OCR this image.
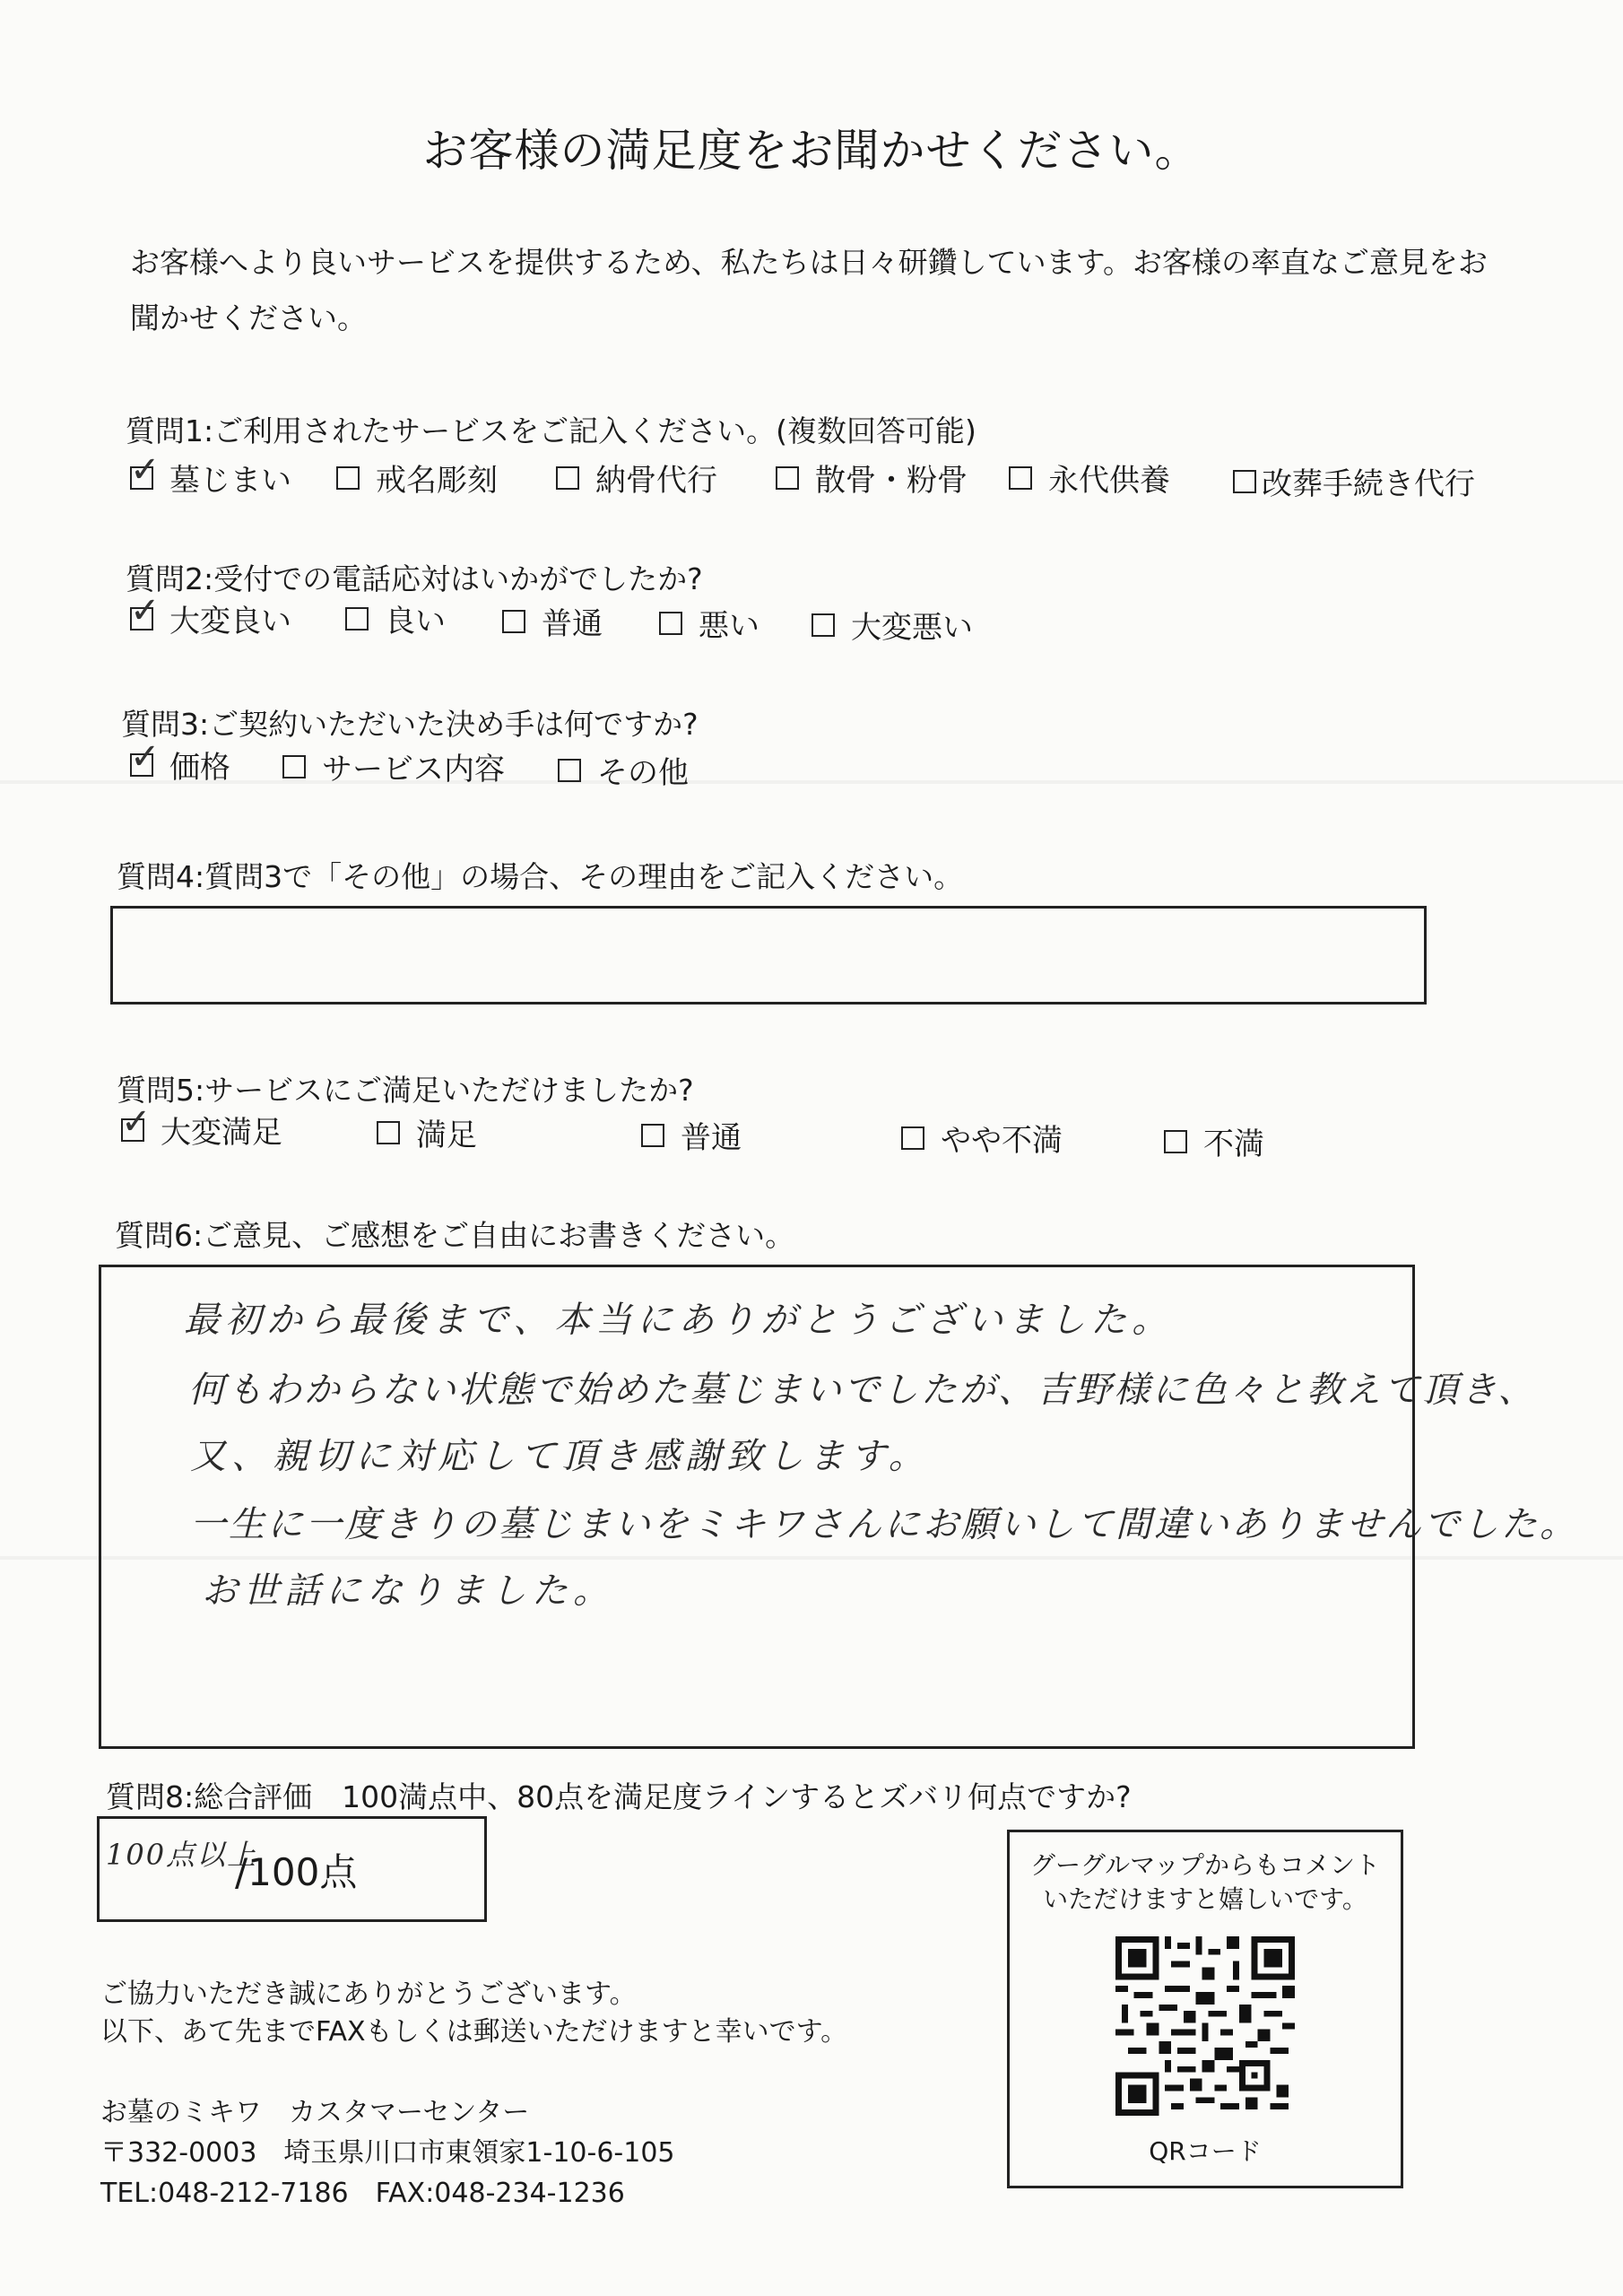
お客様の満足度をお聞かせください。
お客様へより良いサービスを提供するため、私たちは日々研鑽しています。お客様の率直なご意見をお聞かせください。
質問1:ご利用されたサービスをご記入ください。(複数回答可能)
✓ 墓じまい	戒名彫刻	納骨代行	散骨・粉骨	永代供養	改葬手続き代行
質問2:受付での電話応対はいかがでしたか?
✓ 大変良い	良い	普通	悪い	大変悪い
質問3:ご契約いただいた決め手は何ですか?
✓ 価格	サービス内容	その他
質問4:質問3で「その他」の場合、その理由をご記入ください。
質問5:サービスにご満足いただけましたか?
✓ 大変満足	満足	普通	やや不満	不満
質問6:ご意見、ご感想をご自由にお書きください。
最初から最後まで、本当にありがとうございました。
何もわからない状態で始めた墓じまいでしたが、吉野様に色々と教えて頂き、
又、親切に対応して頂き感謝致します。
一生に一度きりの墓じまいをミキワさんにお願いして間違いありませんでした。
お世話になりました。
質問8:総合評価　100満点中、80点を満足度ラインするとズバリ何点ですか?
100点以上
/100点	グーグルマップからもコメント
いただけますと嬉しいです。
QRコード
ご協力いただき誠にありがとうございます。
以下、あて先までFAXもしくは郵送いただけますと幸いです。
お墓のミキワ　カスタマーセンター
〒332-0003　埼玉県川口市東領家1-10-6-105
TEL:048-212-7186　FAX:048-234-1236
